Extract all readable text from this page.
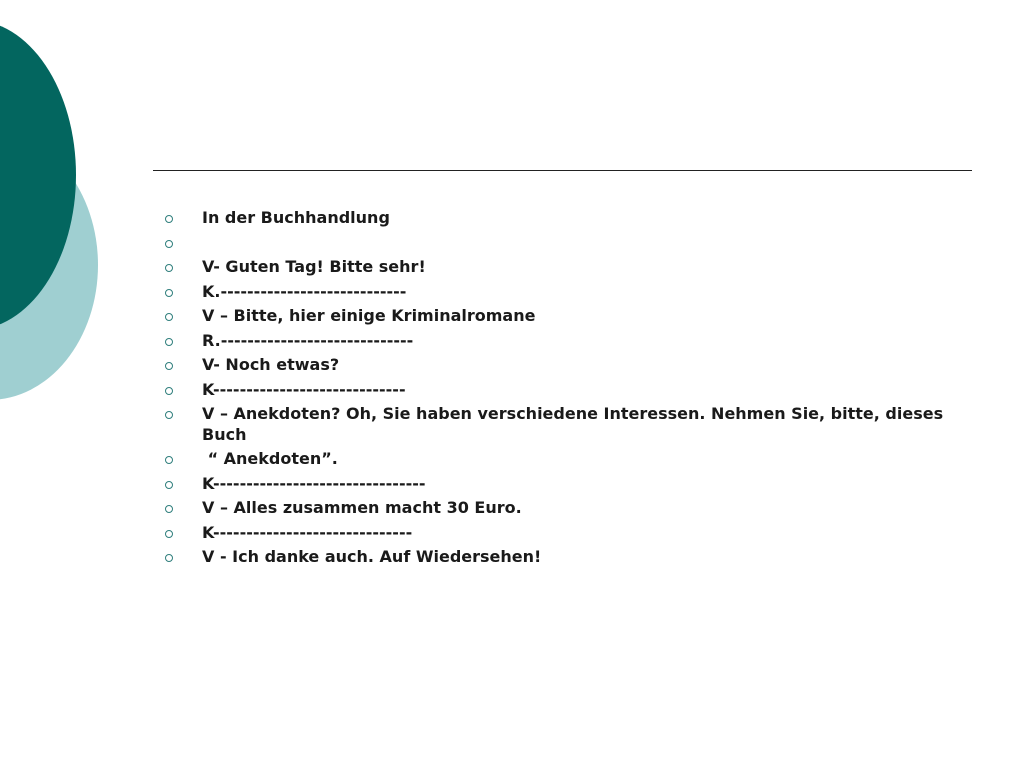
In der Buchhandlung
V- Guten Tag! Bitte sehr!
K.----------------------------
V – Bitte, hier einige Kriminalromane
R.-----------------------------
V- Noch etwas?
K-----------------------------
V – Anekdoten? Oh, Sie haben verschiedene Interessen. Nehmen Sie, bitte, dieses Buch
“ Anekdoten”.
K--------------------------------
V – Alles zusammen macht 30 Euro.
K------------------------------
V - Ich danke auch. Auf Wiedersehen!
